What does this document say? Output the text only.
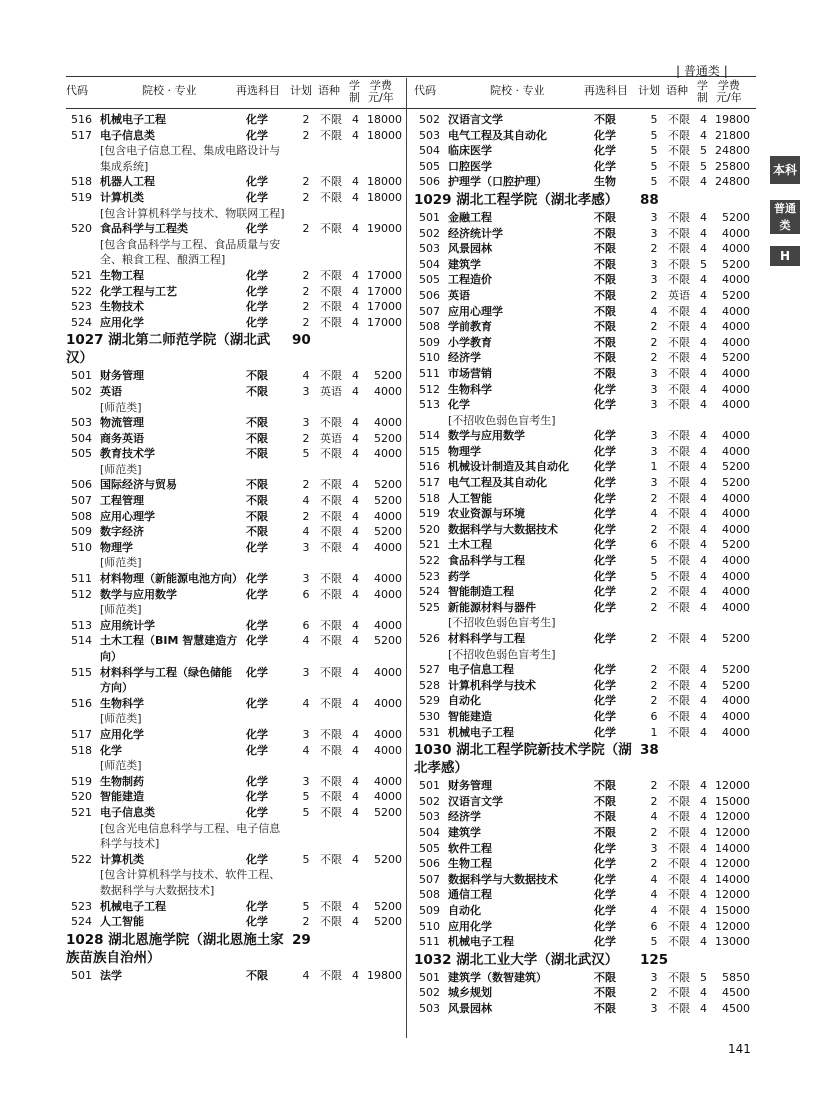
| 普通类 |
代码	院校 · 专业	再选科目 计划 语种 学
制
学费
元/年
代码	院校 · 专业	再选科目 计划 语种 学
制
学费
元/年
516 机械电子工程	化学	2 不限 4 18000
517 电子信息类	化学	2 不限 4 18000
[包含电子信息工程、集成电路设计与集成系统]
518 机器人工程	化学	2 不限 4 18000
519 计算机类	化学	2 不限 4 18000
[包含计算机科学与技术、物联网工程]
520 食品科学与工程类	化学	2 不限 4 19000
[包含食品科学与工程、食品质量与安全、粮食工程、酿酒工程]
521 生物工程	化学	2 不限 4 17000
522 化学工程与工艺	化学	2 不限 4 17000
523 生物技术	化学	2 不限 4 17000
524 应用化学	化学	2 不限 4 17000
1027 湖北第二师范学院（湖北武汉）
90
501 财务管理	不限	4 不限 4	5200
502 英语	不限	3 英语 4	4000
[师范类]
503 物流管理	不限	3 不限 4	4000
504 商务英语	不限	2 英语 4	5200
505 教育技术学	不限	5 不限 4	4000
[师范类]
506 国际经济与贸易	不限	2 不限 4	5200
507 工程管理	不限	4 不限 4	5200
508 应用心理学	不限	2 不限 4	4000
509 数字经济	不限	4 不限 4	5200
510 物理学	化学	3 不限 4	4000
[师范类]
511 材料物理（新能源电池方向） 化学	3 不限 4	4000
512 数学与应用数学	化学	6 不限 4	4000
[师范类]
513 应用统计学	化学	6 不限 4	4000
514 土木工程（BIM 智慧建造方向）
化学	4 不限 4	5200
515 材料科学与工程（绿色储能方向）
化学	3 不限 4	4000
516 生物科学	化学	4 不限 4	4000
[师范类]
517 应用化学	化学	3 不限 4	4000
518 化学	化学	4 不限 4	4000
[师范类]
519 生物制药	化学	3 不限 4	4000
520 智能建造	化学	5 不限 4	4000
521 电子信息类	化学	5 不限 4	5200
[包含光电信息科学与工程、电子信息科学与技术]
522 计算机类	化学	5 不限 4	5200
[包含计算机科学与技术、软件工程、数据科学与大数据技术]
523 机械电子工程	化学	5 不限 4	5200
524 人工智能	化学	2 不限 4	5200
1028 湖北恩施学院（湖北恩施土家族苗族自治州）
29
501 法学	不限	4 不限 4 19800
502 汉语言文学	不限	5 不限 4 19800
503 电气工程及其自动化	化学	5 不限 4 21800
504 临床医学	化学	5 不限 5 24800
505 口腔医学	化学	5 不限 5 25800
506 护理学（口腔护理）	生物	5 不限 4 24800
1029 湖北工程学院（湖北孝感） 88
501 金融工程	不限	3 不限 4	5200
502 经济统计学	不限	3 不限 4	4000
503 风景园林	不限	2 不限 4	4000
504 建筑学	不限	3 不限 5	5200
505 工程造价	不限	3 不限 4	4000
506 英语	不限	2 英语 4	5200
507 应用心理学	不限	4 不限 4	4000
508 学前教育	不限	2 不限 4	4000
509 小学教育	不限	2 不限 4	4000
510 经济学	不限	2 不限 4	5200
511 市场营销	不限	3 不限 4	4000
512 生物科学	化学	3 不限 4	4000
513 化学	化学	3 不限 4	4000
[不招收色弱色盲考生]
514 数学与应用数学	化学	3 不限 4	4000
515 物理学	化学	3 不限 4	4000
516 机械设计制造及其自动化	化学	1 不限 4	5200
517 电气工程及其自动化	化学	3 不限 4	5200
518 人工智能	化学	2 不限 4	4000
519 农业资源与环境	化学	4 不限 4	4000
520 数据科学与大数据技术	化学	2 不限 4	4000
521 土木工程	化学	6 不限 4	5200
522 食品科学与工程	化学	5 不限 4	4000
523 药学	化学	5 不限 4	4000
524 智能制造工程	化学	2 不限 4	4000
525 新能源材料与器件	化学	2 不限 4	4000
[不招收色弱色盲考生]
526 材料科学与工程	化学	2 不限 4	5200
[不招收色弱色盲考生]
527 电子信息工程	化学	2 不限 4	5200
528 计算机科学与技术	化学	2 不限 4	5200
529 自动化	化学	2 不限 4	4000
530 智能建造	化学	6 不限 4	4000
531 机械电子工程	化学	1 不限 4	4000
1030 湖北工程学院新技术学院（湖北孝感）
38
501 财务管理	不限	2 不限 4 12000
502 汉语言文学	不限	2 不限 4 15000
503 经济学	不限	4 不限 4 12000
504 建筑学	不限	2 不限 4 12000
505 软件工程	化学	3 不限 4 14000
506 生物工程	化学	2 不限 4 12000
507 数据科学与大数据技术	化学	4 不限 4 14000
508 通信工程	化学	4 不限 4 12000
509 自动化	化学	4 不限 4 15000
510 应用化学	化学	6 不限 4 12000
511 机械电子工程	化学	5 不限 4 13000
1032 湖北工业大学（湖北武汉） 125
501 建筑学（数智建筑）	不限	3 不限 5	5850
502 城乡规划	不限	2 不限 4	4500
503 风景园林	不限	3 不限 4	4500
本科
普通类
H
141
